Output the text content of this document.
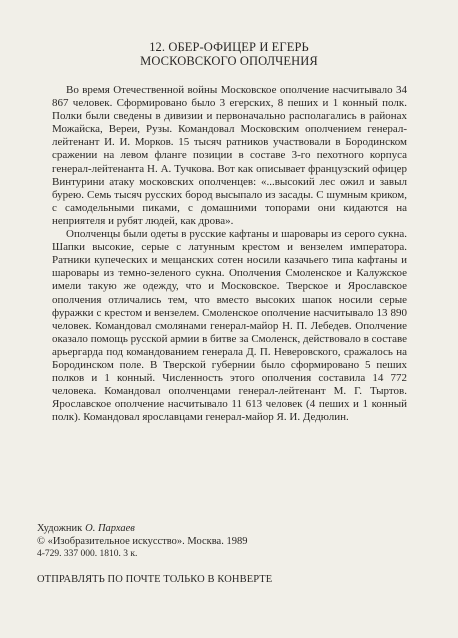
12. ОБЕР-ОФИЦЕР И ЕГЕРЬ
МОСКОВСКОГО ОПОЛЧЕНИЯ

Во время Отечественной войны Московское ополчение насчитывало 34 867 человек. Сформировано было 3 егерских, 8 пеших и 1 конный полк. Полки были сведены в дивизии и первоначально располагались в районах Можайска, Вереи, Рузы. Командовал Московским ополчением генерал-лейтенант И. И. Морков. 15 тысяч ратников участвовали в Бородинском сражении на левом фланге позиции в составе 3-го пехотного корпуса генерал-лейтенанта Н. А. Тучкова. Вот как описывает французский офицер Винтурини атаку московских ополченцев: «...высокий лес ожил и завыл бурею. Семь тысяч русских бород высыпало из засады. С шумным криком, с самодельными пиками, с домашними топорами они кидаются на неприятеля и рубят людей, как дрова».

Ополченцы были одеты в русские кафтаны и шаровары из серого сукна. Шапки высокие, серые с латунным крестом и вензелем императора. Ратники купеческих и мещанских сотен носили казачьего типа кафтаны и шаровары из темно-зеленого сукна. Ополчения Смоленское и Калужское имели такую же одежду, что и Московское. Тверское и Ярославское ополчения отличались тем, что вместо высоких шапок носили серые фуражки с крестом и вензелем. Смоленское ополчение насчитывало 13 890 человек. Командовал смолянами генерал-майор Н. П. Лебедев. Ополчение оказало помощь русской армии в битве за Смоленск, действовало в составе арьергарда под командованием генерала Д. П. Неверовского, сражалось на Бородинском поле. В Тверской губернии было сформировано 5 пеших полков и 1 конный. Численность этого ополчения составила 14 772 человека. Командовал ополченцами генерал-лейтенант М. Г. Тыртов. Ярославское ополчение насчитывало 11 613 человек (4 пеших и 1 конный полк). Командовал ярославцами генерал-майор Я. И. Дедюлин.

Художник О. Пархаев
© «Изобразительное искусство». Москва. 1989
4-729. 337 000. 1810. 3 к.
ОТПРАВЛЯТЬ ПО ПОЧТЕ ТОЛЬКО В КОНВЕРТЕ
